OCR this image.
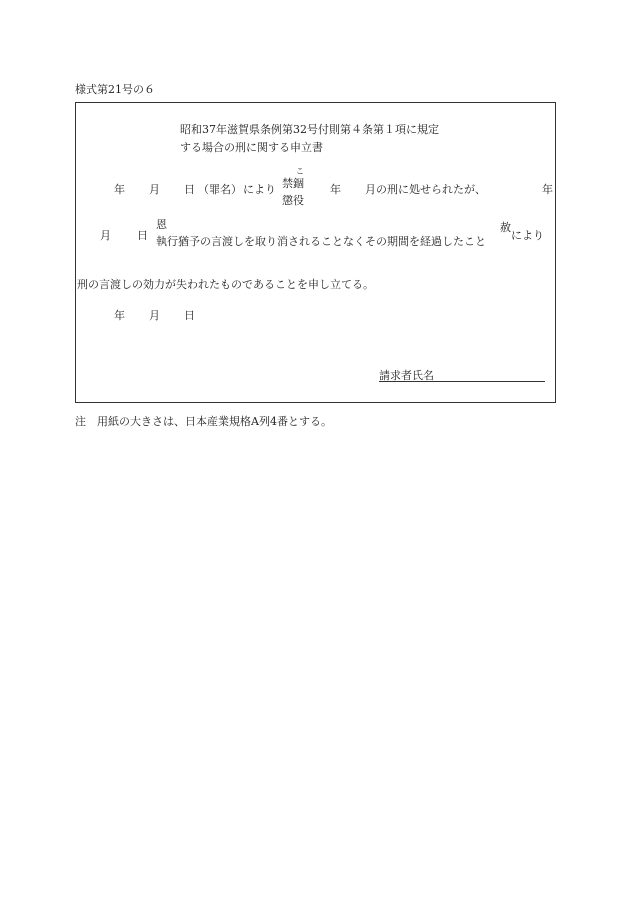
様式第21号の６
昭和37年滋賀県条例第32号付則第４条第１項に規定
する場合の刑に関する申立書
年 月 日 （罪名） により
こ
禁錮
懲役
年 月の刑に処せられたが、	年
月 日
恩
執行猶予の言渡しを取り消されることなくその期間を経過したこと
赦
により
刑の言渡しの効力が失われたものであることを申し立てる。
年 月 日
請求者氏名
注　用紙の大きさは、日本産業規格A列4番とする。
